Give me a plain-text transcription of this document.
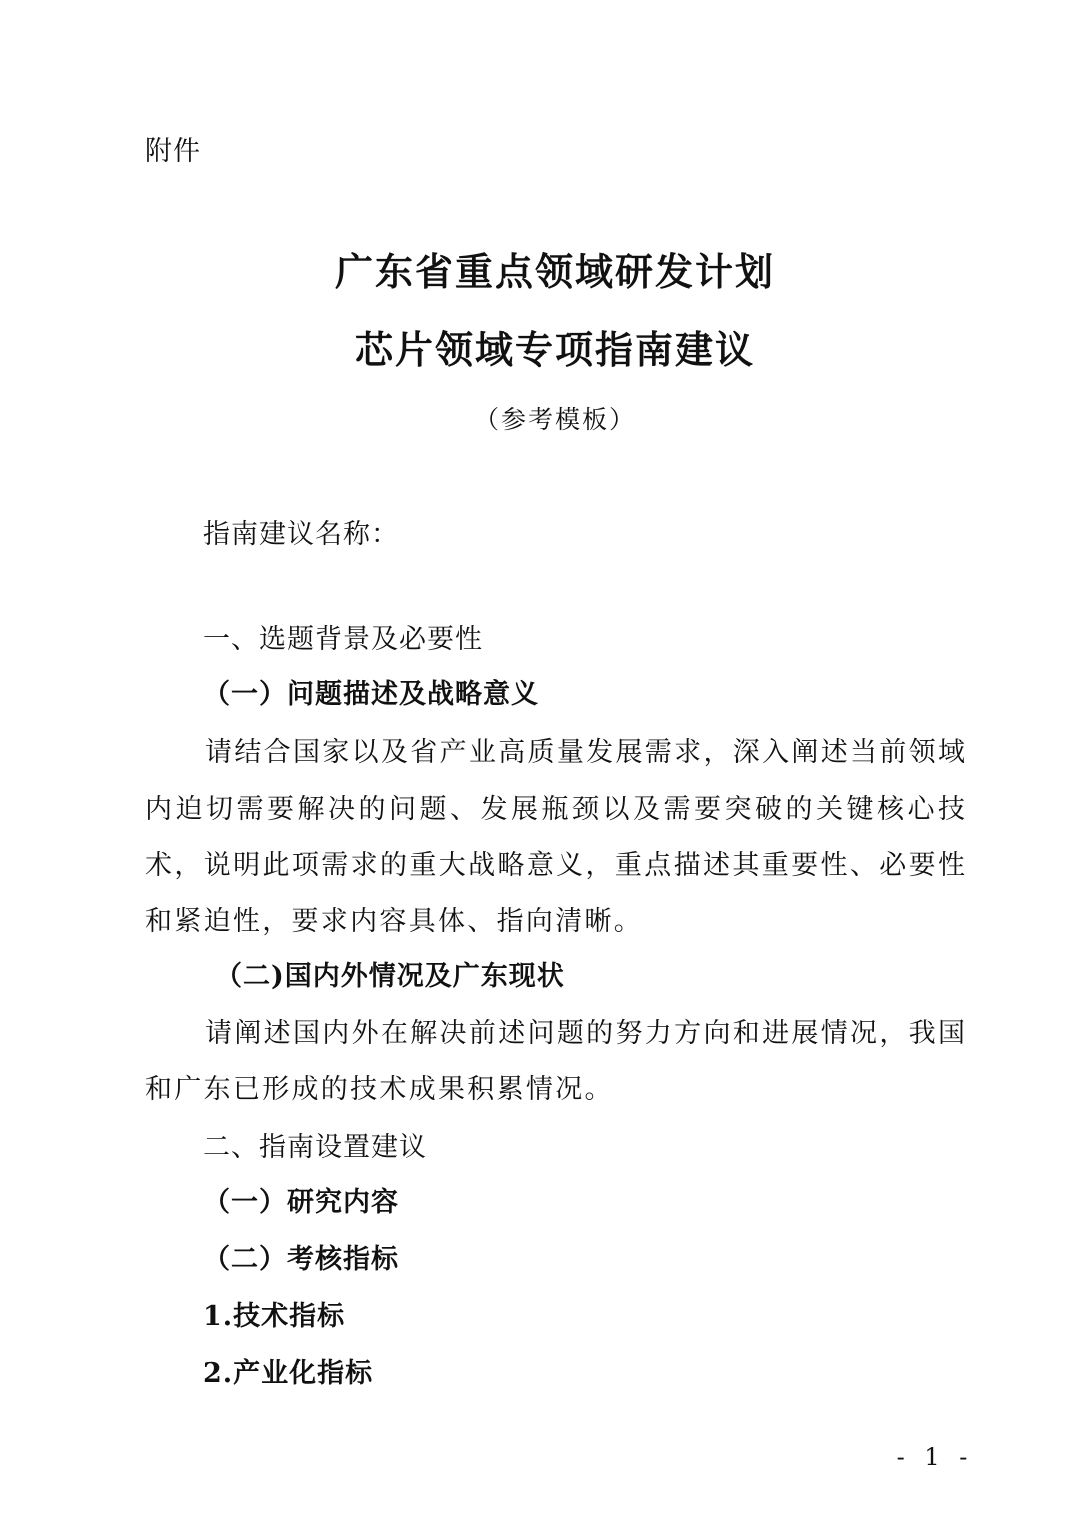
附件
广东省重点领域研发计划
芯片领域专项指南建议
（参考模板）
指南建议名称：
一、选题背景及必要性
（一）问题描述及战略意义
请结合国家以及省产业高质量发展需求，深入阐述当前领域
内迫切需要解决的问题、发展瓶颈以及需要突破的关键核心技
术，说明此项需求的重大战略意义，重点描述其重要性、必要性
和紧迫性，要求内容具体、指向清晰。
（二)国内外情况及广东现状
请阐述国内外在解决前述问题的努力方向和进展情况，我国
和广东已形成的技术成果积累情况。
二、指南设置建议
（一）研究内容
（二）考核指标
1.技术指标
2.产业化指标
- 1 -
